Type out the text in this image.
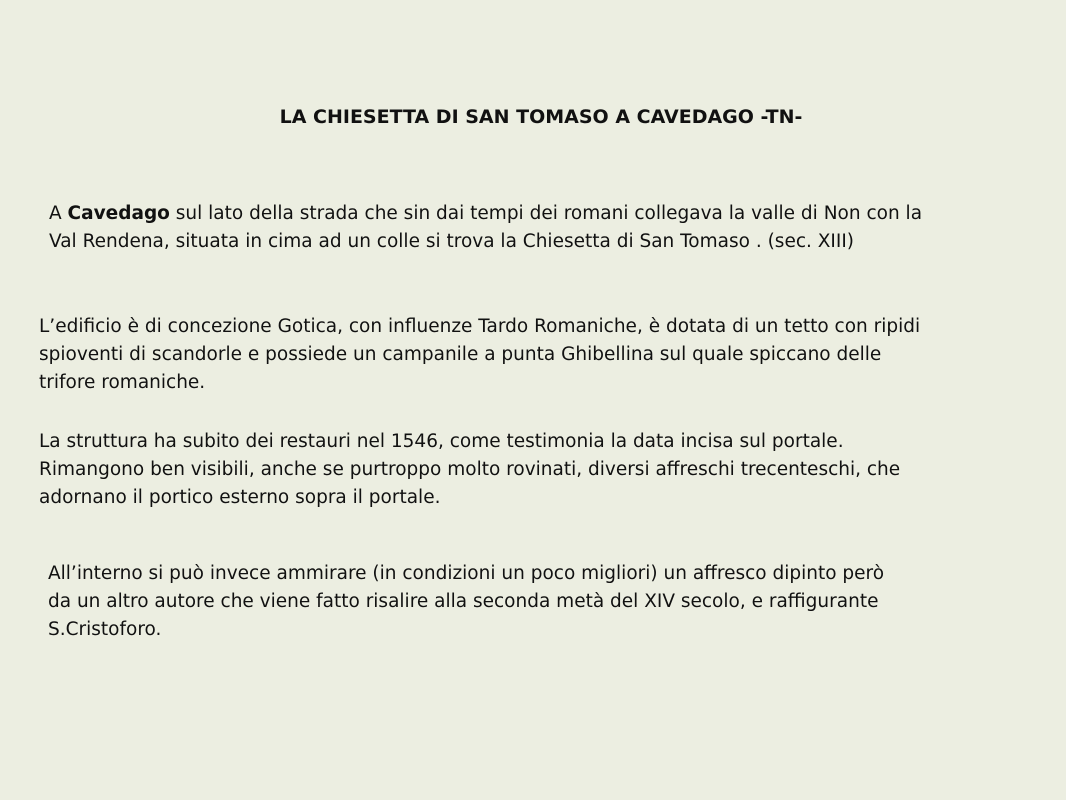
LA CHIESETTA DI SAN TOMASO A CAVEDAGO -TN-
A Cavedago sul lato della strada che sin dai tempi dei romani collegava la valle di Non con la
Val Rendena, situata in cima ad un colle si trova la Chiesetta di San Tomaso . (sec. XIII)
L’edificio è di concezione Gotica, con influenze Tardo Romaniche, è dotata di un tetto con ripidi
spioventi di scandorle e possiede un campanile a punta Ghibellina sul quale spiccano delle
trifore romaniche.
La struttura ha subito dei restauri nel 1546, come testimonia la data incisa sul portale.
Rimangono ben visibili, anche se purtroppo molto rovinati, diversi affreschi trecenteschi, che
adornano il portico esterno sopra il portale.
All’interno si può invece ammirare (in condizioni un poco migliori) un affresco dipinto però
da un altro autore che viene fatto risalire alla seconda metà del XIV secolo, e raffigurante
S.Cristoforo.
